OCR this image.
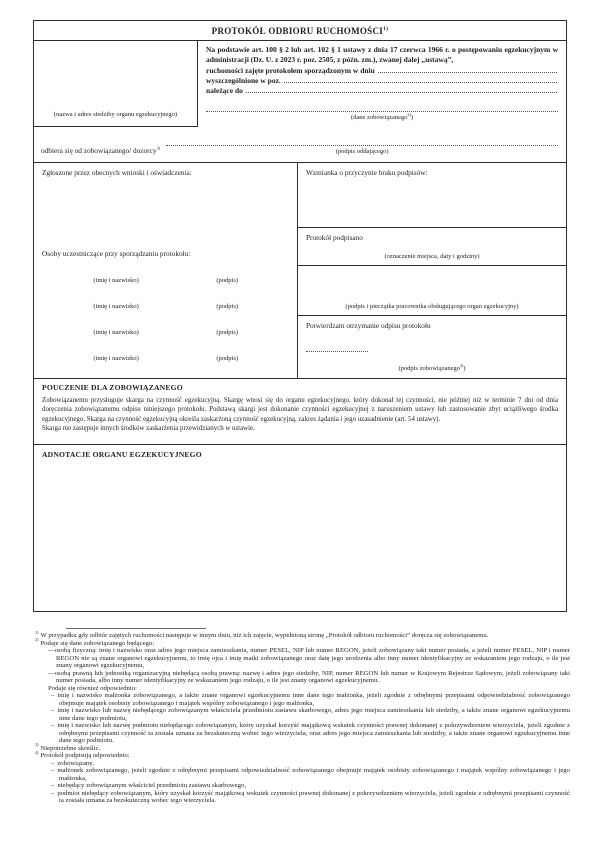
PROTOKÓŁ ODBIORU RUCHOMOŚCI$^{1)}$
(nazwa i adres siedziby organu egzekucyjnego)
Na podstawie art. 100 § 2 lub art. 102 § 1 ustawy z dnia 17 czerwca 1966 r. o postępowaniu egzekucyjnym w administracji (Dz. U. z 2023 r. poz. 2505, z późn. zm.), zwanej dalej „ustawą”,
ruchomości zajęte protokołem sporządzonym w dniu
wyszczególnione w poz.
należące do
(dane zobowiązanego$^{2)}$)
odbiera się od zobowiązanego/ dozorcy$^{3)}$	(podpis oddającego)
Zgłoszone przez obecnych wnioski i oświadczenia:
Osoby uczestniczące przy sporządzaniu protokołu:
(imię i nazwisko)	(podpis)
(imię i nazwisko)	(podpis)
(imię i nazwisko)	(podpis)
(imię i nazwisko)	(podpis)
Wzmianka o przyczynie braku podpisów:
Protokół podpisano
(oznaczenie miejsca, daty i godziny)
(podpis i pieczątka pracownika obsługującego organ egzekucyjny)
Potwierdzam otrzymanie odpisu protokołu
(podpis zobowiązanego$^{4)}$)
POUCZENIE DLA ZOBOWIĄZANEGO
Zobowiązanemu przysługuje skarga na czynność egzekucyjną. Skargę wnosi się do organu egzekucyjnego, który dokonał tej czynności, nie później niż w terminie 7 dni od dnia doręczenia zobowiązanemu odpisu niniejszego protokołu. Podstawą skargi jest dokonanie czynności egzekucyjnej z naruszeniem ustawy lub zastosowanie zbyt uciążliwego środka egzekucyjnego. Skarga na czynność egzekucyjną określa zaskarżoną czynność egzekucyjną, zakres żądania i jego uzasadnienie (art. 54 ustawy).
Skarga nie zastępuje innych środków zaskarżenia przewidzianych w ustawie.
ADNOTACJE ORGANU EGZEKUCYJNEGO
$^{1)}$ W przypadku gdy odbiór zajętych ruchomości następuje w innym dniu, niż ich zajęcie, wypełnioną stronę „Protokół odbioru ruchomości” doręcza się zobowiązanemu.
$^{2)}$ Podaje się dane zobowiązanego będącego:
—osobą fizyczną: imię i nazwisko oraz adres jego miejsca zamieszkania, numer PESEL, NIP lub numer REGON, jeżeli zobowiązany taki numer posiada, a jeżeli numer PESEL, NIP i numer REGON nie są znane organowi egzekucyjnemu, to imię ojca i imię matki zobowiązanego oraz datę jego urodzenia albo inny numer identyfikacyjny ze wskazaniem jego rodzaju, o ile jest znany organowi egzekucyjnemu,
—osobą prawną lub jednostką organizacyjną niebędącą osobą prawną: nazwę i adres jego siedziby, NIP, numer REGON lub numer w Krajowym Rejestrze Sądowym, jeżeli zobowiązany taki numer posiada, albo inny numer identyfikacyjny ze wskazaniem jego rodzaju, o ile jest znany organowi egzekucyjnemu.
Podaje się również odpowiednio:
– imię i nazwisko małżonka zobowiązanego, a także znane organowi egzekucyjnemu inne dane tego małżonka, jeżeli zgodnie z odrębnymi przepisami odpowiedzialność zobowiązanego obejmuje majątek osobisty zobowiązanego i majątek wspólny zobowiązanego i jego małżonka,
– imię i nazwisko lub nazwę niebędącego zobowiązanym właściciela przedmiotu zastawu skarbowego, adres jego miejsca zamieszkania lub siedziby, a także znane organowi egzekucyjnemu inne dane tego podmiotu,
– imię i nazwisko lub nazwę podmiotu niebędącego zobowiązanym, który uzyskał korzyść majątkową wskutek czynności prawnej dokonanej z pokrzywdzeniem wierzyciela, jeżeli zgodnie z odrębnymi przepisami czynność ta została uznana za bezskuteczną wobec tego wierzyciela, oraz adres jego miejsca zamieszkania lub siedziby, a także znane organowi egzekucyjnemu inne dane tego podmiotu.
$^{3)}$ Niepotrzebne skreślić.
$^{4)}$ Protokół podpisują odpowiednio:
– zobowiązany,
– małżonek zobowiązanego, jeżeli zgodnie z odrębnymi przepisami odpowiedzialność zobowiązanego obejmuje majątek osobisty zobowiązanego i majątek wspólny zobowiązanego i jego małżonka,
– niebędący zobowiązanym właściciel przedmiotu zastawu skarbowego,
– podmiot niebędący zobowiązanym, który uzyskał korzyść majątkową wskutek czynności prawnej dokonanej z pokrzywdzeniem wierzyciela, jeżeli zgodnie z odrębnymi przepisami czynność ta została uznana za bezskuteczną wobec tego wierzyciela.
